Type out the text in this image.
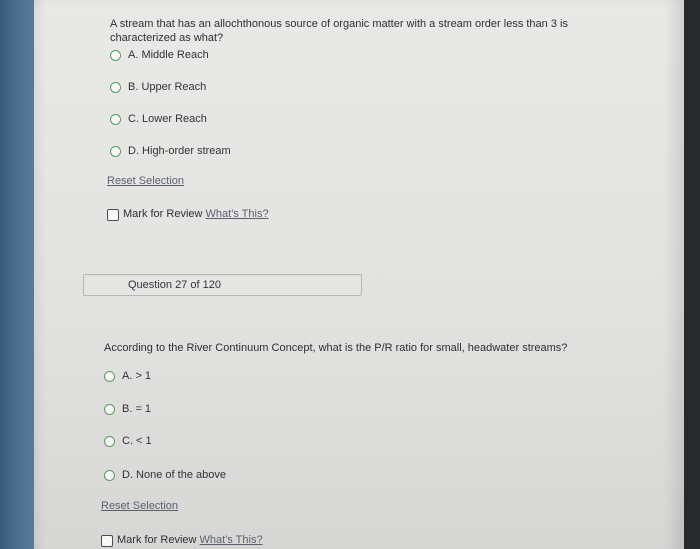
A stream that has an allochthonous source of organic matter with a stream order less than 3 is characterized as what?
A. Middle Reach
B. Upper Reach
C. Lower Reach
D. High-order stream
Reset Selection
Mark for Review What's This?
Question 27 of 120
According to the River Continuum Concept, what is the P/R ratio for small, headwater streams?
A. > 1
B. = 1
C. < 1
D. None of the above
Reset Selection
Mark for Review What's This?
